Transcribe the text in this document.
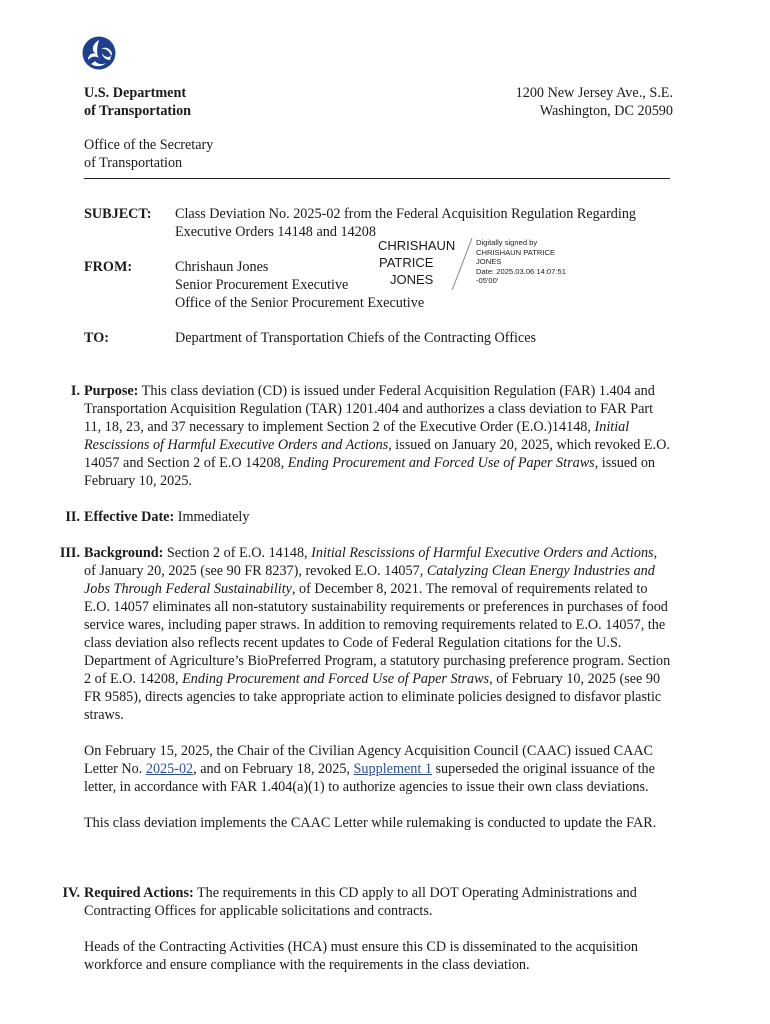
U.S. Department
of Transportation
1200 New Jersey Ave., S.E.
Washington, DC 20590
Office of the Secretary
of Transportation
SUBJECT: Class Deviation No. 2025-02 from the Federal Acquisition Regulation Regarding
Executive Orders 14148 and 14208
FROM:	Chrishaun Jones
Senior Procurement Executive
Office of the Senior Procurement Executive
CHRISHAUN
PATRICE
JONES
Digitally signed by
CHRISHAUN PATRICE
JONES
Date: 2025.03.06 14:07:51
-05'00'
TO:	Department of Transportation Chiefs of the Contracting Offices
I. Purpose: This class deviation (CD) is issued under Federal Acquisition Regulation (FAR) 1.404 and Transportation Acquisition Regulation (TAR) 1201.404 and authorizes a class deviation to FAR Part 11, 18, 23, and 37 necessary to implement Section 2 of the Executive Order (E.O.)14148, Initial Rescissions of Harmful Executive Orders and Actions, issued on January 20, 2025, which revoked E.O. 14057 and Section 2 of E.O 14208, Ending Procurement and Forced Use of Paper Straws, issued on February 10, 2025.

II. Effective Date: Immediately

III. Background: Section 2 of E.O. 14148, Initial Rescissions of Harmful Executive Orders and Actions, of January 20, 2025 (see 90 FR 8237), revoked E.O. 14057, Catalyzing Clean Energy Industries and Jobs Through Federal Sustainability, of December 8, 2021. The removal of requirements related to E.O. 14057 eliminates all non-statutory sustainability requirements or preferences in purchases of food service wares, including paper straws. In addition to removing requirements related to E.O. 14057, the class deviation also reflects recent updates to Code of Federal Regulation citations for the U.S. Department of Agriculture’s BioPreferred Program, a statutory purchasing preference program. Section 2 of E.O. 14208, Ending Procurement and Forced Use of Paper Straws, of February 10, 2025 (see 90 FR 9585), directs agencies to take appropriate action to eliminate policies designed to disfavor plastic straws.

On February 15, 2025, the Chair of the Civilian Agency Acquisition Council (CAAC) issued CAAC Letter No. 2025-02, and on February 18, 2025, Supplement 1 superseded the original issuance of the letter, in accordance with FAR 1.404(a)(1) to authorize agencies to issue their own class deviations.

This class deviation implements the CAAC Letter while rulemaking is conducted to update the FAR.

IV. Required Actions: The requirements in this CD apply to all DOT Operating Administrations and Contracting Offices for applicable solicitations and contracts.

Heads of the Contracting Activities (HCA) must ensure this CD is disseminated to the acquisition workforce and ensure compliance with the requirements in the class deviation.
